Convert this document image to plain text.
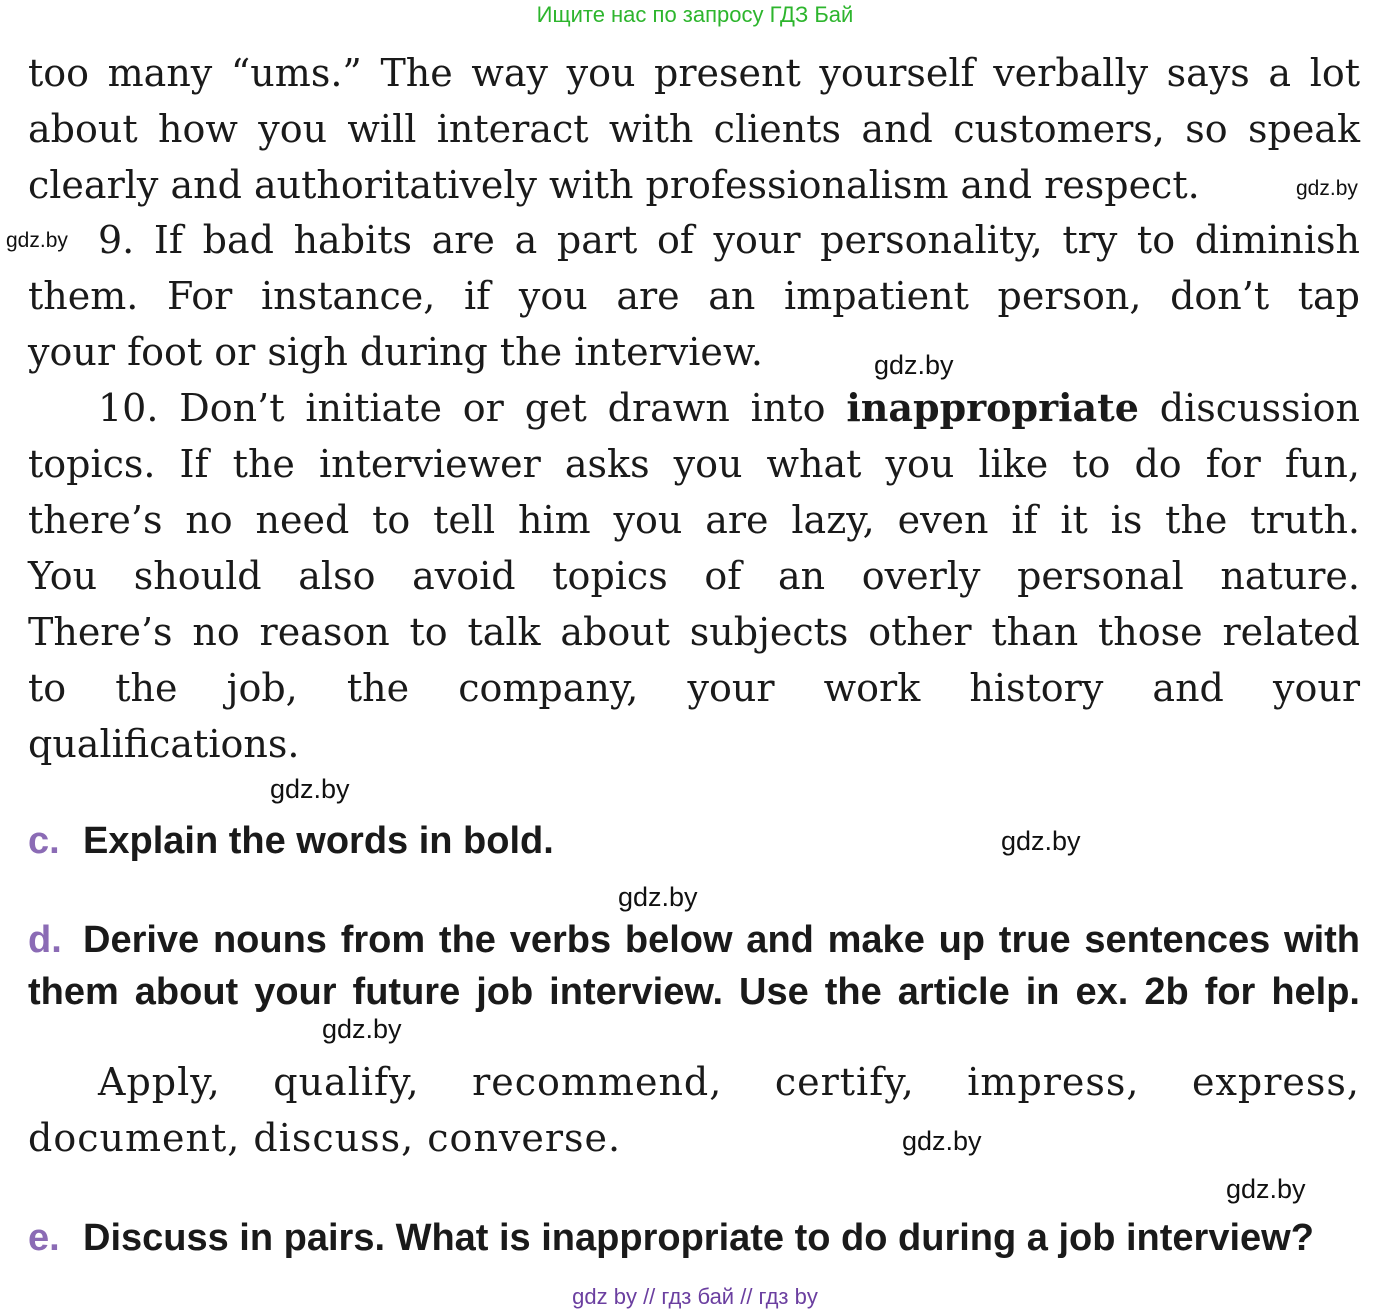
Ищите нас по запросу ГДЗ Бай
too many “ums.” The way you present yourself verbally says a lot
about how you will interact with clients and customers, so speak
clearly and authoritatively with professionalism and respect.	gdz.by
gdz.by 9. If bad habits are a part of your personality, try to diminish
them. For instance, if you are an impatient person, don’t tap
your foot or sigh during the interview.	gdz.by
10. Don’t initiate or get drawn into inappropriate discussion
topics. If the interviewer asks you what you like to do for fun,
there’s no need to tell him you are lazy, even if it is the truth.
You should also avoid topics of an overly personal nature.
There’s no reason to talk about subjects other than those related
to the job, the company, your work history and your
qualifications.
gdz.by
c. Explain the words in bold.	gdz.by
gdz.by
d. Derive nouns from the verbs below and make up true sentences with
them about your future job interview. Use the article in ex. 2b for help.
gdz.by
Apply, qualify, recommend, certify, impress, express,
document, discuss, converse.	gdz.by
gdz.by
e. Discuss in pairs. What is inappropriate to do during a job interview?
gdz by // гдз бай // гдз by
